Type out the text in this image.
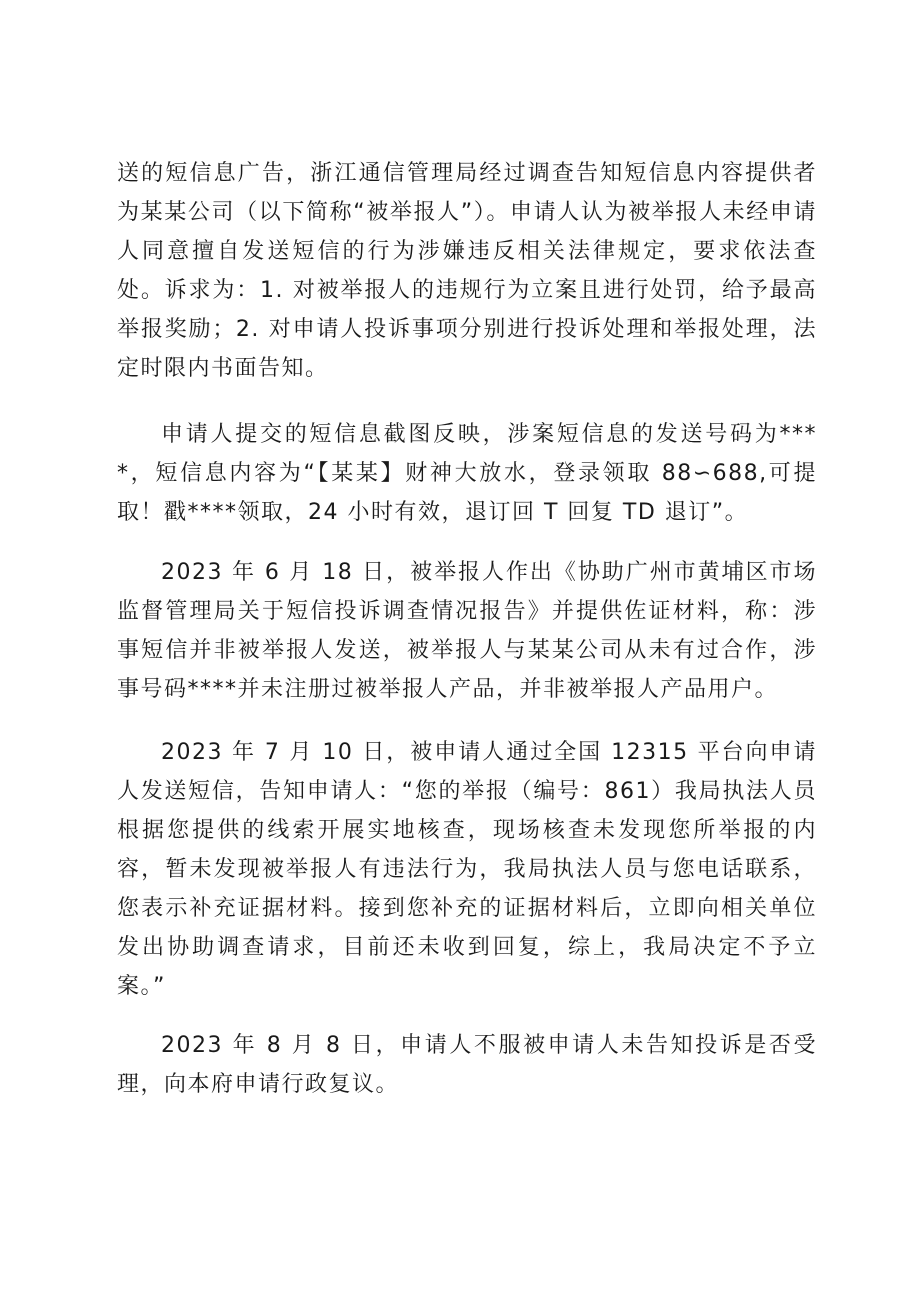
送的短信息广告，浙江通信管理局经过调查告知短信息内容提供者为某某公司（以下简称“被举报人”）。申请人认为被举报人未经申请人同意擅自发送短信的行为涉嫌违反相关法律规定，要求依法查处。诉求为：1. 对被举报人的违规行为立案且进行处罚，给予最高举报奖励；2. 对申请人投诉事项分别进行投诉处理和举报处理，法定时限内书面告知。

申请人提交的短信息截图反映，涉案短信息的发送号码为****，短信息内容为“【某某】财神大放水，登录领取 88∽688,可提取！戳****领取，24 小时有效，退订回 T 回复 TD 退订”。

2023 年 6 月 18 日，被举报人作出《协助广州市黄埔区市场监督管理局关于短信投诉调查情况报告》并提供佐证材料，称：涉事短信并非被举报人发送，被举报人与某某公司从未有过合作，涉事号码****并未注册过被举报人产品，并非被举报人产品用户。

2023 年 7 月 10 日，被申请人通过全国 12315 平台向申请人发送短信，告知申请人：“您的举报（编号：861）我局执法人员根据您提供的线索开展实地核查，现场核查未发现您所举报的内容，暂未发现被举报人有违法行为，我局执法人员与您电话联系，您表示补充证据材料。接到您补充的证据材料后，立即向相关单位发出协助调查请求，目前还未收到回复，综上，我局决定不予立案。”

2023 年 8 月 8 日，申请人不服被申请人未告知投诉是否受理，向本府申请行政复议。
